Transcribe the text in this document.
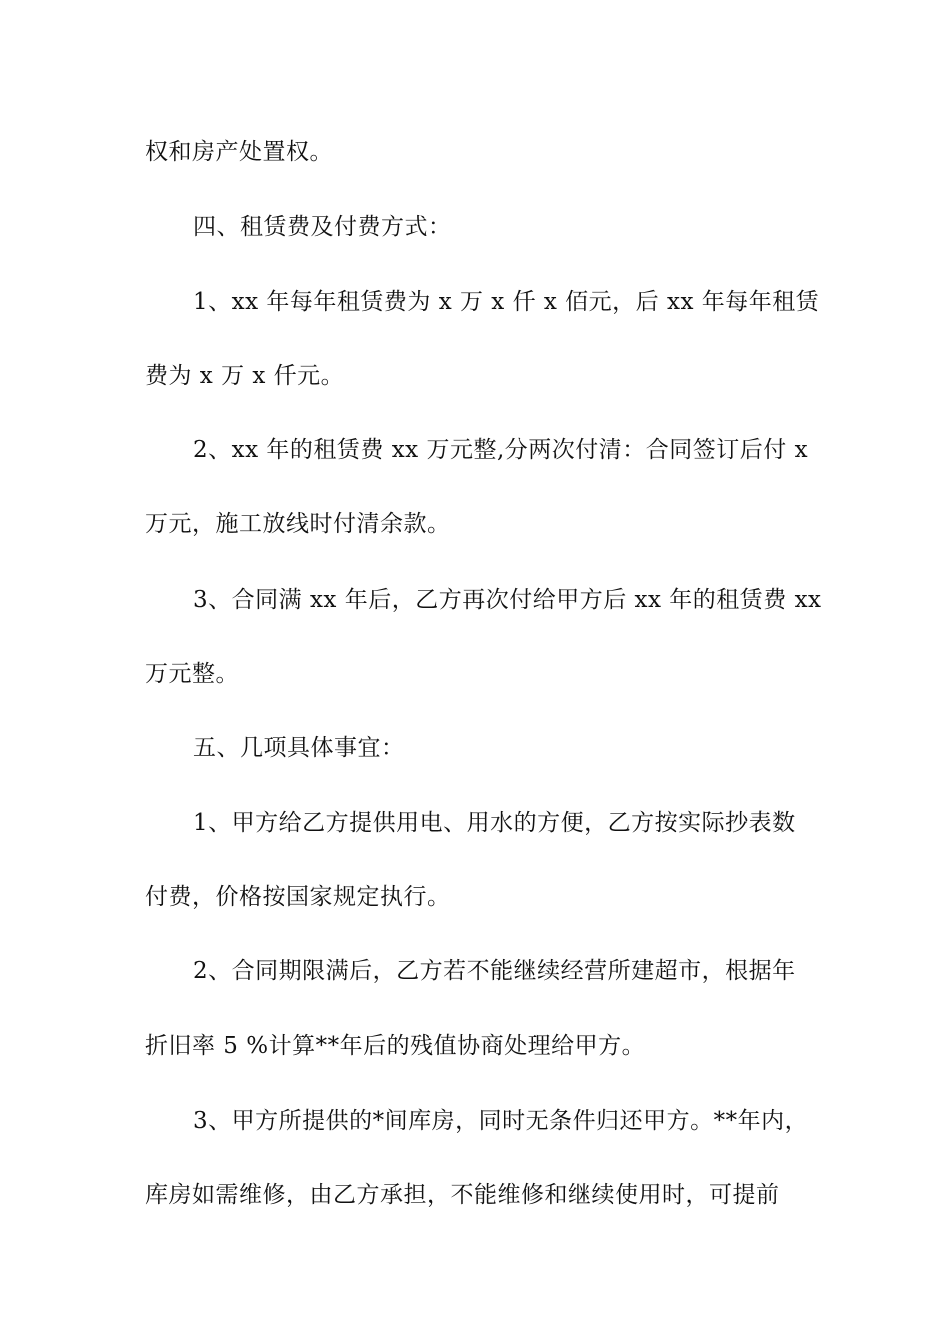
权和房产处置权。
四、租赁费及付费方式：
1、xx 年每年租赁费为 x 万 x 仟 x 佰元，后 xx 年每年租赁
费为 x 万 x 仟元。
2、xx 年的租赁费 xx 万元整,分两次付清：合同签订后付 x
万元，施工放线时付清余款。
3、合同满 xx 年后，乙方再次付给甲方后 xx 年的租赁费 xx
万元整。
五、几项具体事宜：
1、甲方给乙方提供用电、用水的方便，乙方按实际抄表数
付费，价格按国家规定执行。
2、合同期限满后，乙方若不能继续经营所建超市，根据年
折旧率 5 %计算**年后的残值协商处理给甲方。
3、甲方所提供的*间库房，同时无条件归还甲方。**年内，
库房如需维修，由乙方承担，不能维修和继续使用时，可提前
